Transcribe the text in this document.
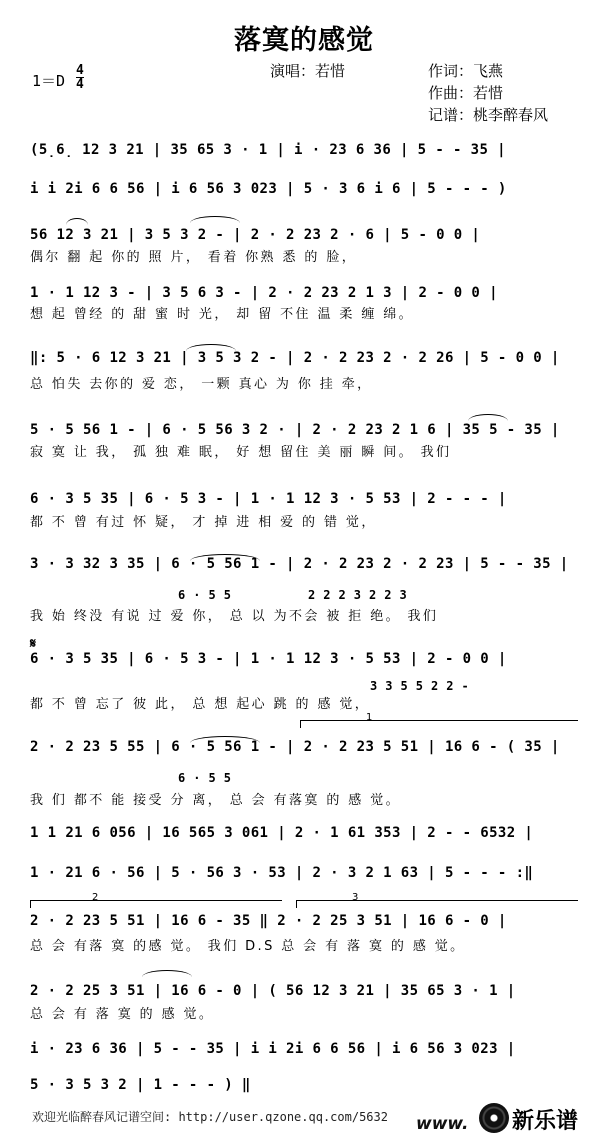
落寞的感觉
1＝D
4
4
演唱：若惜	作词：飞燕
作曲：若惜
记谱：桃李醉春风
(5̣6̣ 12 3 21 | 35 65 3 · 1 | i · 23 6 36 | 5 - - 35 |
i i 2i 6 6 56 | i 6 56 3 023 | 5 · 3 6 i 6 | 5 - - - )
56 12 3 21 | 3 5 3 2 - | 2 · 2 23 2 · 6 | 5 - 0 0 |
偶尔 翻 起 你的 照 片， 看着 你熟 悉 的 脸，
1 · 1 12 3 - | 3 5 6 3 - | 2 · 2 23 2 1 3 | 2 - 0 0 |
想 起 曾经 的 甜 蜜 时 光， 却 留 不住 温 柔 缠 绵。
‖: 5 · 6 12 3 21 | 3 5 3 2 - | 2 · 2 23 2 · 2 26 | 5 - 0 0 |
总 怕失 去你的 爱 恋， 一颗 真心 为 你 挂 牵，
5 · 5 56 1 - | 6 · 5 56 3 2 · | 2 · 2 23 2 1 6 | 35 5 - 35 |
寂 寞 让 我， 孤 独 难 眠， 好 想 留住 美 丽 瞬 间。 我们
6 · 3 5 35 | 6 · 5 3 - | 1 · 1 12 3 · 5 53 | 2 - - - |
都 不 曾 有过 怀 疑， 才 掉 进 相 爱 的 错 觉，
3 · 3 32 3 35 | 6 · 5 56 1 - | 2 · 2 23 2 · 2 23 | 5 - - 35 |
6 · 5 5	2 2 2 3 2 2 3
我 始 终没 有说 过 爱 你， 总 以 为不会 被 拒 绝。 我们
𝄋
6 · 3 5 35 | 6 · 5 3 - | 1 · 1 12 3 · 5 53 | 2 - 0 0 |
3 3 5 5 2 2 -
都 不 曾 忘了 彼 此， 总 想 起心 跳 的 感 觉，
1
2 · 2 23 5 55 | 6 · 5 56 1 - | 2 · 2 23 5 51 | 16 6 - ( 35 |
6 · 5 5
我 们 都不 能 接受 分 离， 总 会 有落寞 的 感 觉。
1 1 21 6 056 | 16 565 3 061 | 2 · 1 61 353 | 2 - - 6532 |
1 · 21 6 · 56 | 5 · 56 3 · 53 | 2 · 3 2 1 63 | 5 - - - :‖
2	3
2 · 2 23 5 51 | 16 6 - 35 ‖ 2 · 2 25 3 51 | 16 6 - 0 |
总 会 有落 寞 的感 觉。 我们 D.S 总 会 有 落 寞 的 感 觉。
2 · 2 25 3 51 | 16 6 - 0 | ( 56 12 3 21 | 35 65 3 · 1 |
总 会 有 落 寞 的 感 觉。
i · 23 6 36 | 5 - - 35 | i i 2i 6 6 56 | i 6 56 3 023 |
5 · 3 5 3 2 | 1 - - - ) ‖
欢迎光临醉春风记谱空间: http://user.qzone.qq.com/5632 www. 新乐谱
